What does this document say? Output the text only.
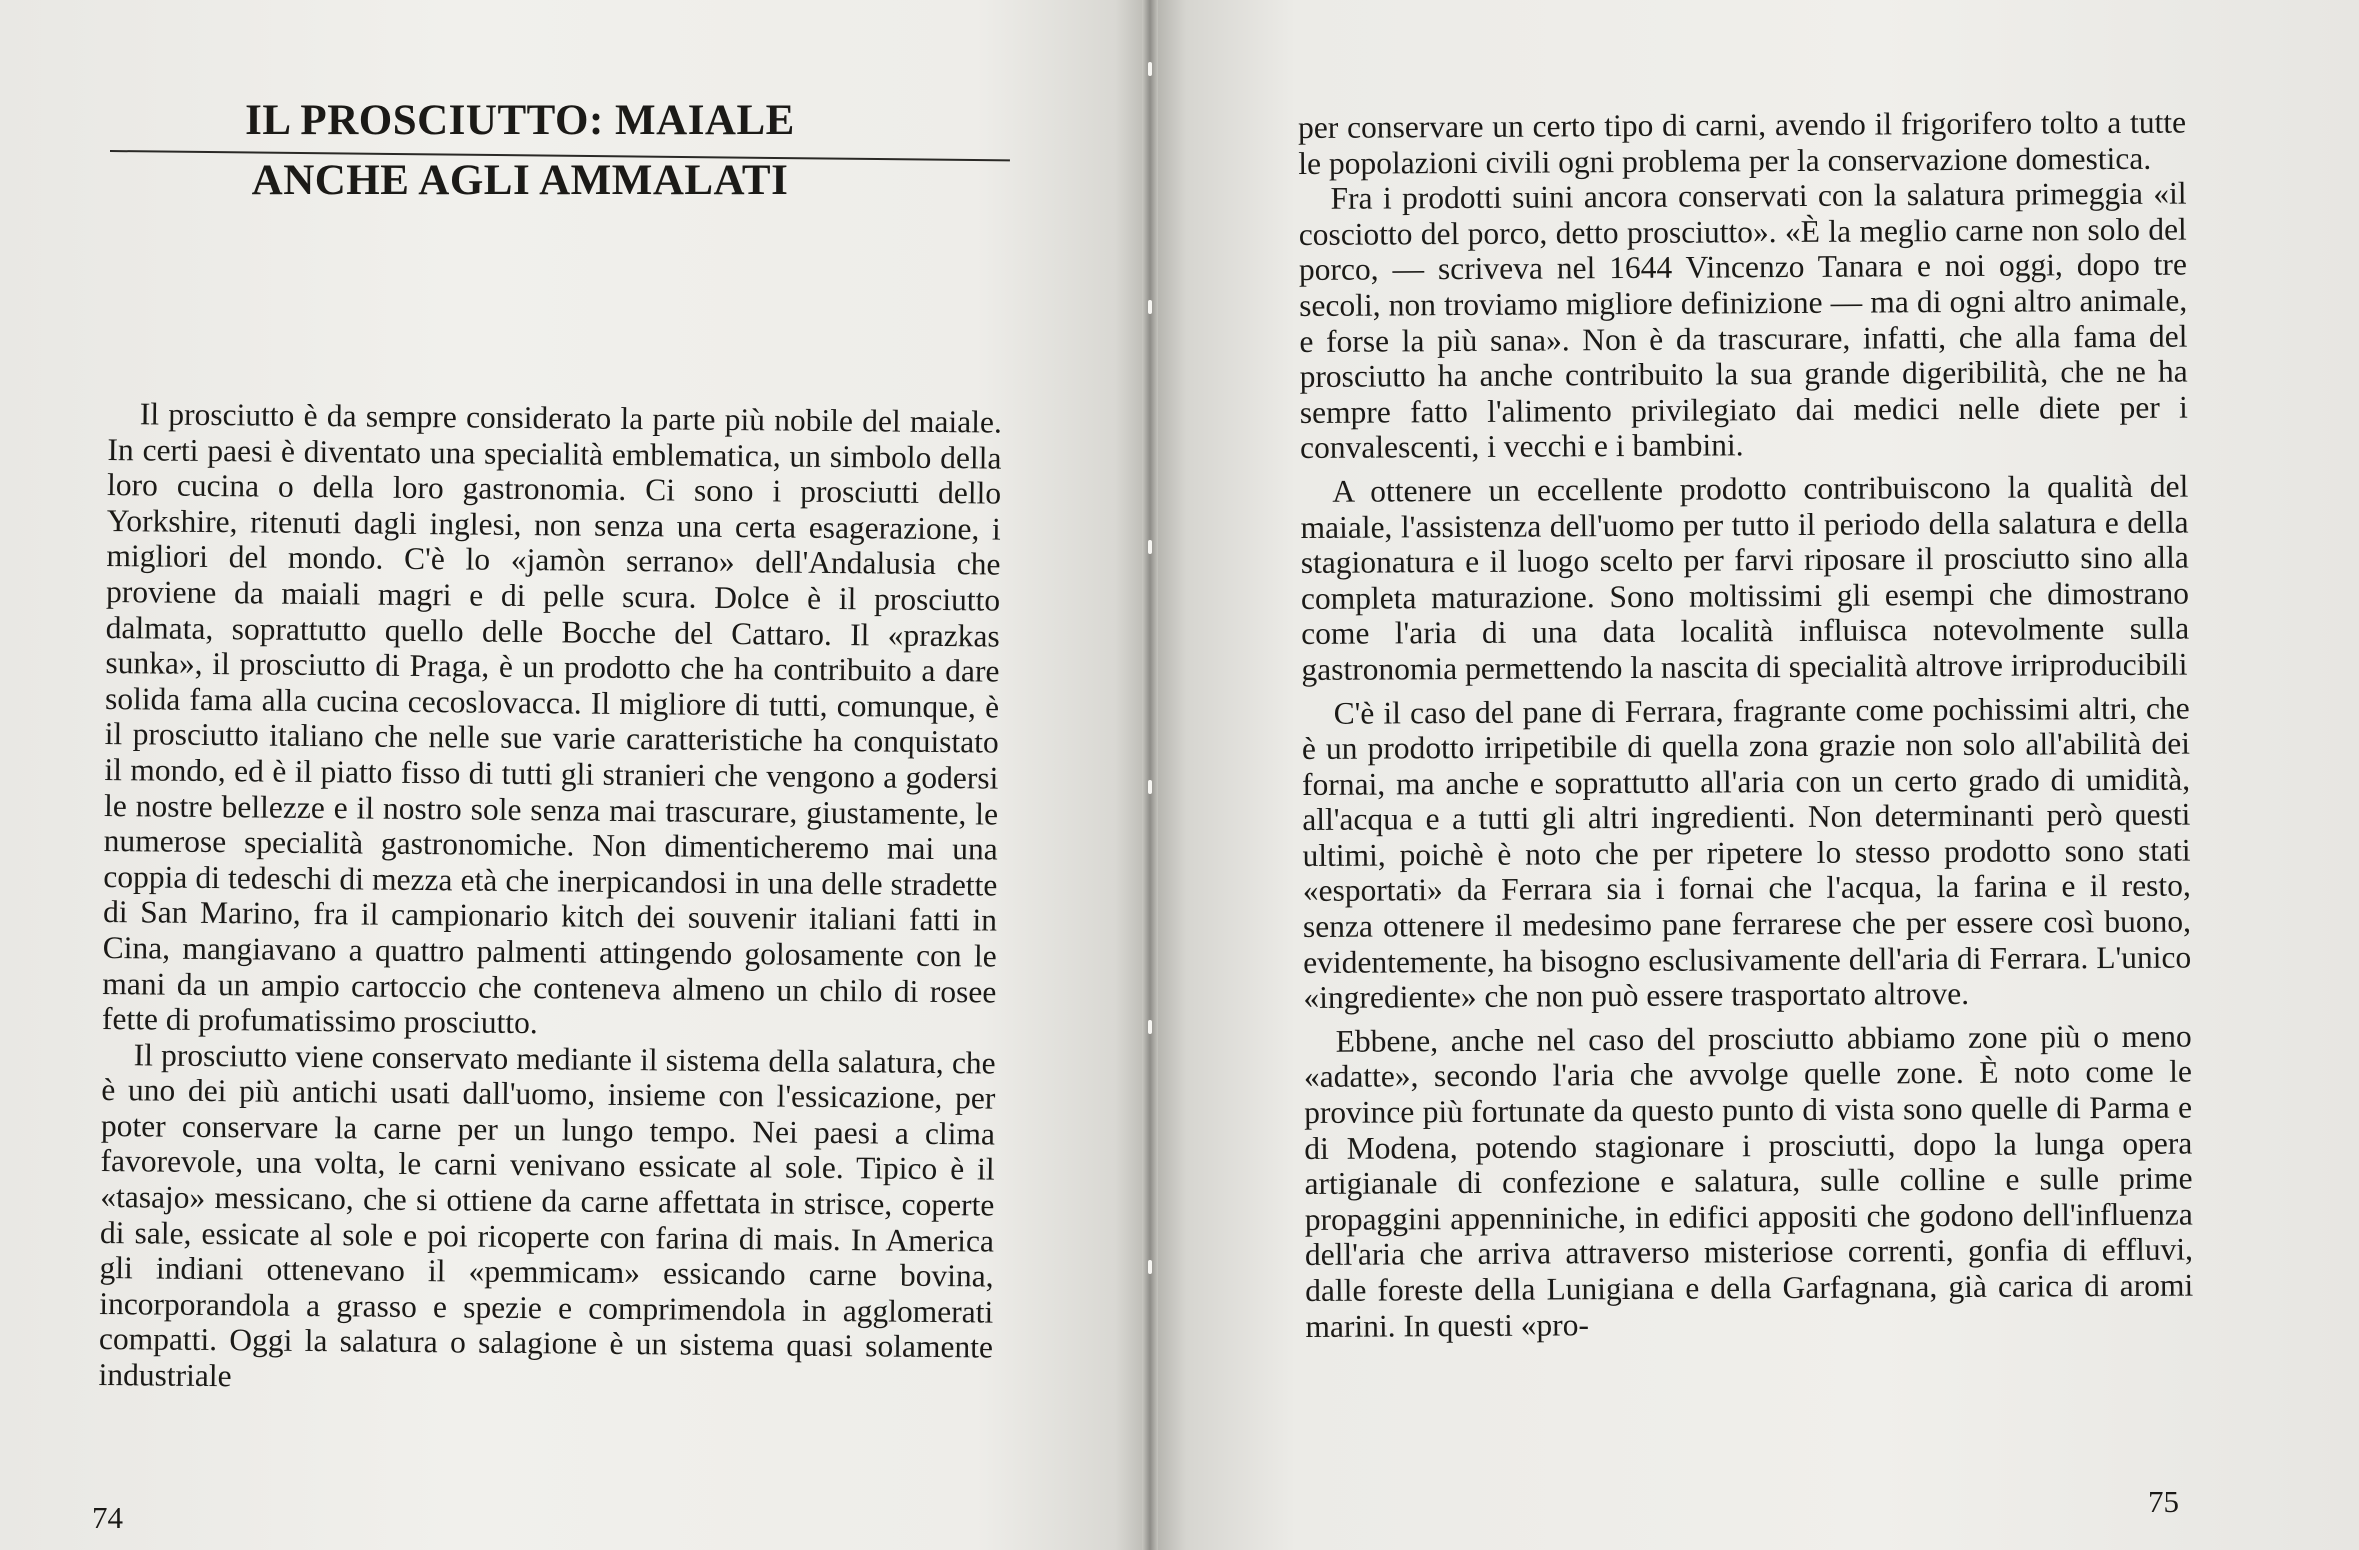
IL PROSCIUTTO: MAIALE
ANCHE AGLI AMMALATI

Il prosciutto è da sempre considerato la parte più nobile del maiale. In certi paesi è diventato una specialità emblematica, un simbolo della loro cucina o della loro gastronomia. Ci sono i prosciutti dello Yorkshire, ritenuti dagli inglesi, non senza una certa esagerazione, i migliori del mondo. C'è lo «jamòn serrano» dell'Andalusia che proviene da maiali magri e di pelle scura. Dolce è il prosciutto dalmata, soprattutto quello delle Bocche del Cattaro. Il «prazkas sunka», il prosciutto di Praga, è un prodotto che ha contribuito a dare solida fama alla cucina cecoslovacca. Il migliore di tutti, comunque, è il prosciutto italiano che nelle sue varie caratteristiche ha conquistato il mondo, ed è il piatto fisso di tutti gli stranieri che vengono a godersi le nostre bellezze e il nostro sole senza mai trascurare, giustamente, le numerose specialità gastronomiche. Non dimenticheremo mai una coppia di tedeschi di mezza età che inerpicandosi in una delle stradette di San Marino, fra il campionario kitch dei souvenir italiani fatti in Cina, mangiavano a quattro palmenti attingendo golosamente con le mani da un ampio cartoccio che conteneva almeno un chilo di rosee fette di profumatissimo prosciutto.

Il prosciutto viene conservato mediante il sistema della salatura, che è uno dei più antichi usati dall'uomo, insieme con l'essicazione, per poter conservare la carne per un lungo tempo. Nei paesi a clima favorevole, una volta, le carni venivano essicate al sole. Tipico è il «tasajo» messicano, che si ottiene da carne affettata in strisce, coperte di sale, essicate al sole e poi ricoperte con farina di mais. In America gli indiani ottenevano il «pemmicam» essicando carne bovina, incorporandola a grasso e spezie e comprimendola in agglomerati compatti. Oggi la salatura o salagione è un sistema quasi solamente industriale

74

per conservare un certo tipo di carni, avendo il frigorifero tolto a tutte le popolazioni civili ogni problema per la conservazione domestica.

Fra i prodotti suini ancora conservati con la salatura primeggia «il cosciotto del porco, detto prosciutto». «È la meglio carne non solo del porco, — scriveva nel 1644 Vincenzo Tanara e noi oggi, dopo tre secoli, non troviamo migliore definizione — ma di ogni altro animale, e forse la più sana». Non è da trascurare, infatti, che alla fama del prosciutto ha anche contribuito la sua grande digeribilità, che ne ha sempre fatto l'alimento privilegiato dai medici nelle diete per i convalescenti, i vecchi e i bambini.

A ottenere un eccellente prodotto contribuiscono la qualità del maiale, l'assistenza dell'uomo per tutto il periodo della salatura e della stagionatura e il luogo scelto per farvi riposare il prosciutto sino alla completa maturazione. Sono moltissimi gli esempi che dimostrano come l'aria di una data località influisca notevolmente sulla gastronomia permettendo la nascita di specialità altrove irriproducibili

C'è il caso del pane di Ferrara, fragrante come pochissimi altri, che è un prodotto irripetibile di quella zona grazie non solo all'abilità dei fornai, ma anche e soprattutto all'aria con un certo grado di umidità, all'acqua e a tutti gli altri ingredienti. Non determinanti però questi ultimi, poichè è noto che per ripetere lo stesso prodotto sono stati «esportati» da Ferrara sia i fornai che l'acqua, la farina e il resto, senza ottenere il medesimo pane ferrarese che per essere così buono, evidentemente, ha bisogno esclusivamente dell'aria di Ferrara. L'unico «ingrediente» che non può essere trasportato altrove.

Ebbene, anche nel caso del prosciutto abbiamo zone più o meno «adatte», secondo l'aria che avvolge quelle zone. È noto come le province più fortunate da questo punto di vista sono quelle di Parma e di Modena, potendo stagionare i prosciutti, dopo la lunga opera artigianale di confezione e salatura, sulle colline e sulle prime propaggini appenniniche, in edifici appositi che godono dell'influenza dell'aria che arriva attraverso misteriose correnti, gonfia di effluvi, dalle foreste della Lunigiana e della Garfagnana, già carica di aromi marini. In questi «pro-

75
